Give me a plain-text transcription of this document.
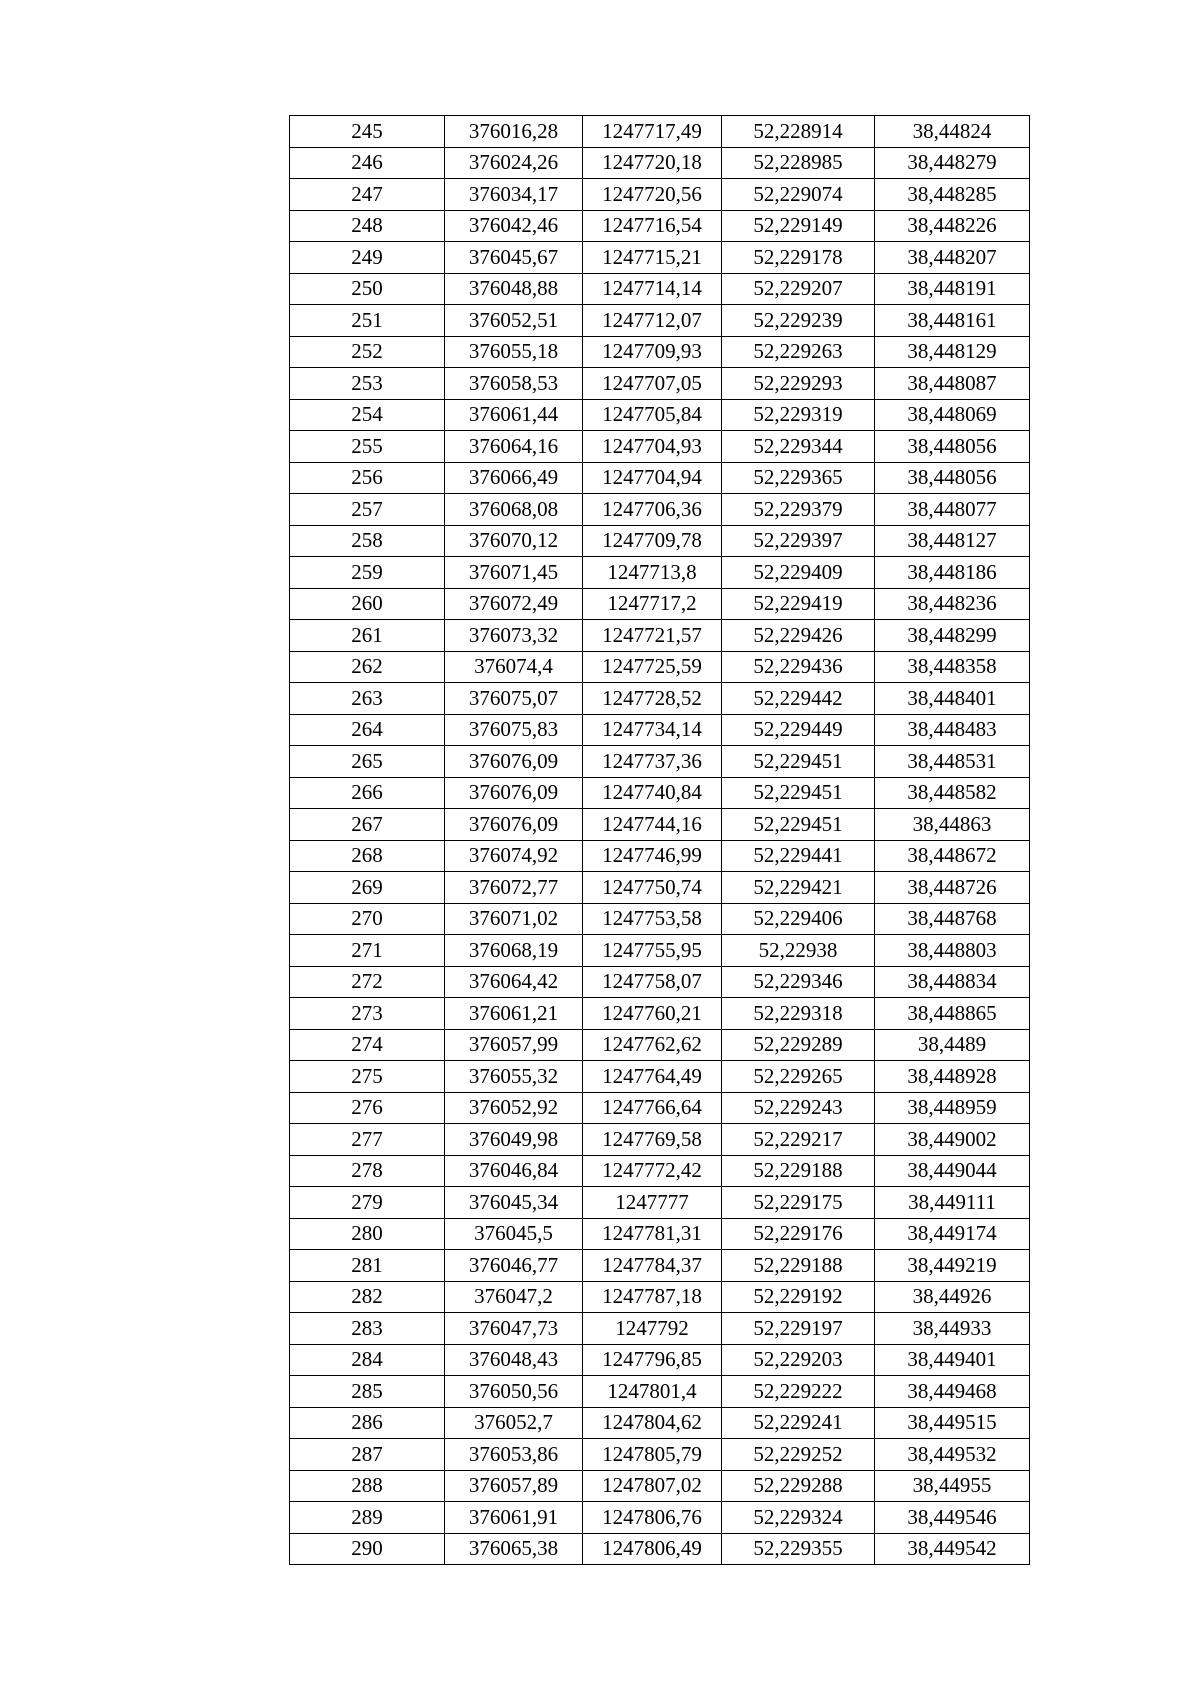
245	376016,28	1247717,49	52,228914	38,44824
246	376024,26	1247720,18	52,228985	38,448279
247	376034,17	1247720,56	52,229074	38,448285
248	376042,46	1247716,54	52,229149	38,448226
249	376045,67	1247715,21	52,229178	38,448207
250	376048,88	1247714,14	52,229207	38,448191
251	376052,51	1247712,07	52,229239	38,448161
252	376055,18	1247709,93	52,229263	38,448129
253	376058,53	1247707,05	52,229293	38,448087
254	376061,44	1247705,84	52,229319	38,448069
255	376064,16	1247704,93	52,229344	38,448056
256	376066,49	1247704,94	52,229365	38,448056
257	376068,08	1247706,36	52,229379	38,448077
258	376070,12	1247709,78	52,229397	38,448127
259	376071,45	1247713,8	52,229409	38,448186
260	376072,49	1247717,2	52,229419	38,448236
261	376073,32	1247721,57	52,229426	38,448299
262	376074,4	1247725,59	52,229436	38,448358
263	376075,07	1247728,52	52,229442	38,448401
264	376075,83	1247734,14	52,229449	38,448483
265	376076,09	1247737,36	52,229451	38,448531
266	376076,09	1247740,84	52,229451	38,448582
267	376076,09	1247744,16	52,229451	38,44863
268	376074,92	1247746,99	52,229441	38,448672
269	376072,77	1247750,74	52,229421	38,448726
270	376071,02	1247753,58	52,229406	38,448768
271	376068,19	1247755,95	52,22938	38,448803
272	376064,42	1247758,07	52,229346	38,448834
273	376061,21	1247760,21	52,229318	38,448865
274	376057,99	1247762,62	52,229289	38,4489
275	376055,32	1247764,49	52,229265	38,448928
276	376052,92	1247766,64	52,229243	38,448959
277	376049,98	1247769,58	52,229217	38,449002
278	376046,84	1247772,42	52,229188	38,449044
279	376045,34	1247777	52,229175	38,449111
280	376045,5	1247781,31	52,229176	38,449174
281	376046,77	1247784,37	52,229188	38,449219
282	376047,2	1247787,18	52,229192	38,44926
283	376047,73	1247792	52,229197	38,44933
284	376048,43	1247796,85	52,229203	38,449401
285	376050,56	1247801,4	52,229222	38,449468
286	376052,7	1247804,62	52,229241	38,449515
287	376053,86	1247805,79	52,229252	38,449532
288	376057,89	1247807,02	52,229288	38,44955
289	376061,91	1247806,76	52,229324	38,449546
290	376065,38	1247806,49	52,229355	38,449542
